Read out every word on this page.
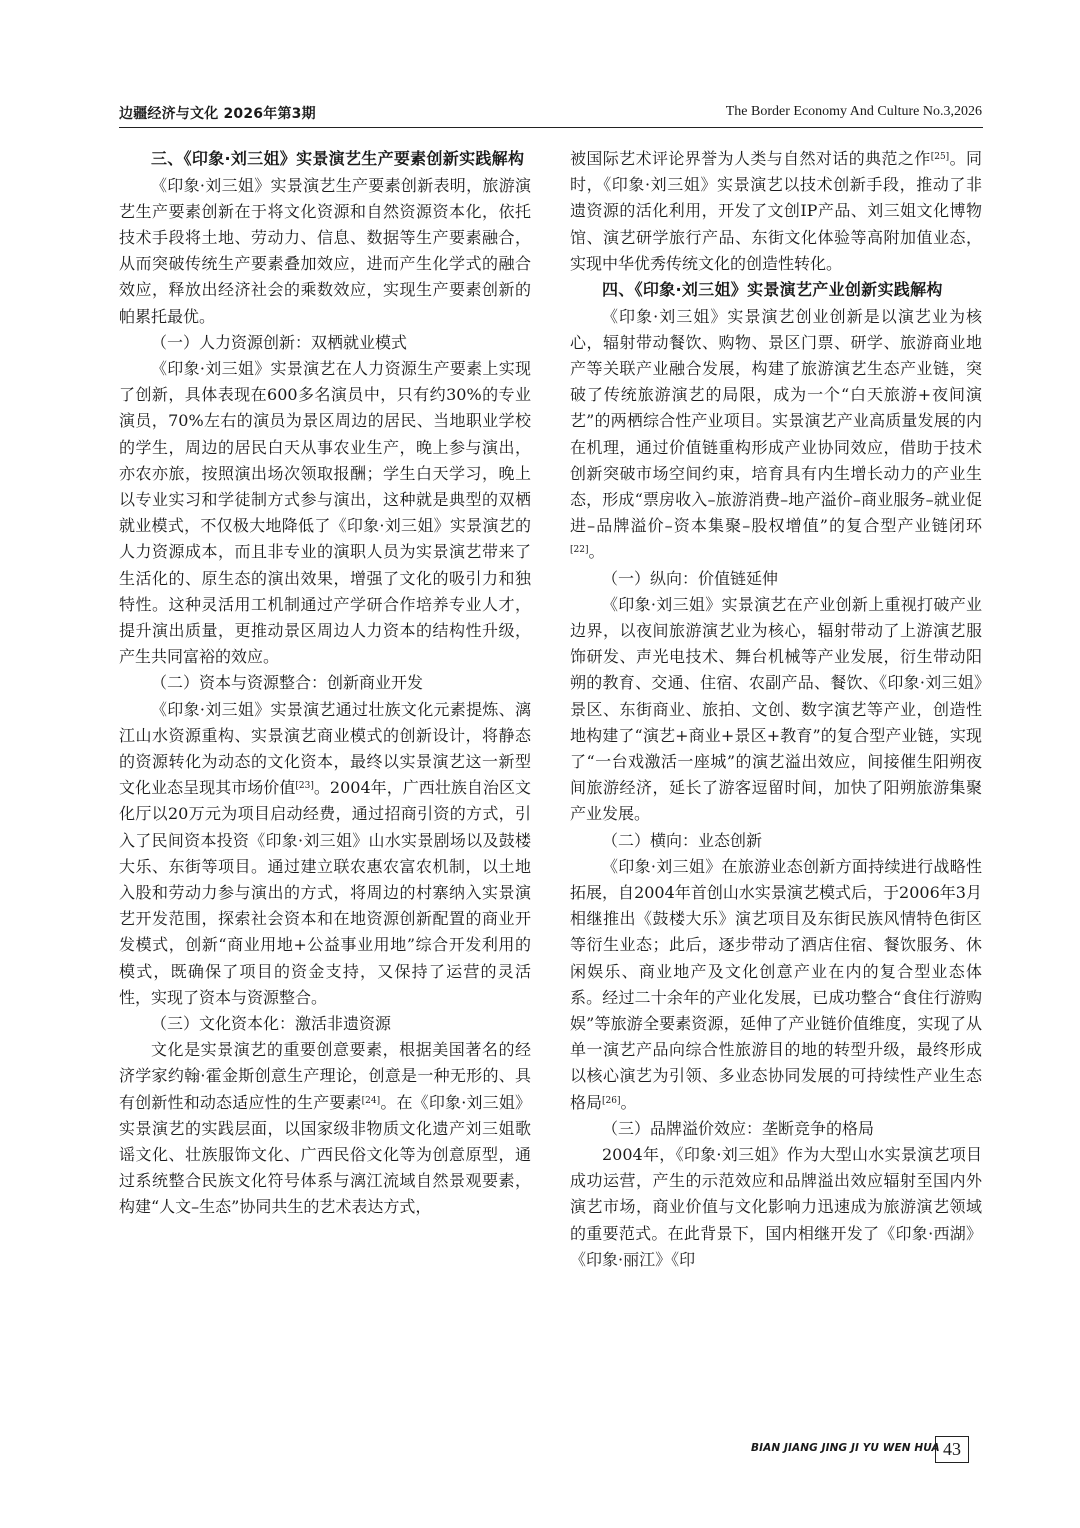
边疆经济与文化 2026年第3期	The Border Economy And Culture No.3,2026

三、《印象·刘三姐》实景演艺生产要素创新实践解构

《印象·刘三姐》实景演艺生产要素创新表明，旅游演艺生产要素创新在于将文化资源和自然资源资本化，依托技术手段将土地、劳动力、信息、数据等生产要素融合，从而突破传统生产要素叠加效应，进而产生化学式的融合效应，释放出经济社会的乘数效应，实现生产要素创新的帕累托最优。

（一）人力资源创新：双栖就业模式

《印象·刘三姐》实景演艺在人力资源生产要素上实现了创新，具体表现在600多名演员中，只有约30%的专业演员，70%左右的演员为景区周边的居民、当地职业学校的学生，周边的居民白天从事农业生产，晚上参与演出，亦农亦旅，按照演出场次领取报酬；学生白天学习，晚上以专业实习和学徒制方式参与演出，这种就是典型的双栖就业模式，不仅极大地降低了《印象·刘三姐》实景演艺的人力资源成本，而且非专业的演职人员为实景演艺带来了生活化的、原生态的演出效果，增强了文化的吸引力和独特性。这种灵活用工机制通过产学研合作培养专业人才，提升演出质量，更推动景区周边人力资本的结构性升级，产生共同富裕的效应。

（二）资本与资源整合：创新商业开发

《印象·刘三姐》实景演艺通过壮族文化元素提炼、漓江山水资源重构、实景演艺商业模式的创新设计，将静态的资源转化为动态的文化资本，最终以实景演艺这一新型文化业态呈现其市场价值[23]。2004年，广西壮族自治区文化厅以20万元为项目启动经费，通过招商引资的方式，引入了民间资本投资《印象·刘三姐》山水实景剧场以及鼓楼大乐、东街等项目。通过建立联农惠农富农机制，以土地入股和劳动力参与演出的方式，将周边的村寨纳入实景演艺开发范围，探索社会资本和在地资源创新配置的商业开发模式，创新“商业用地+公益事业用地”综合开发利用的模式，既确保了项目的资金支持，又保持了运营的灵活性，实现了资本与资源整合。

（三）文化资本化：激活非遗资源

文化是实景演艺的重要创意要素，根据美国著名的经济学家约翰·霍金斯创意生产理论，创意是一种无形的、具有创新性和动态适应性的生产要素[24]。在《印象·刘三姐》实景演艺的实践层面，以国家级非物质文化遗产刘三姐歌谣文化、壮族服饰文化、广西民俗文化等为创意原型，通过系统整合民族文化符号体系与漓江流域自然景观要素，构建“人文–生态”协同共生的艺术表达方式，

被国际艺术评论界誉为人类与自然对话的典范之作[25]。同时，《印象·刘三姐》实景演艺以技术创新手段，推动了非遗资源的活化利用，开发了文创IP产品、刘三姐文化博物馆、演艺研学旅行产品、东街文化体验等高附加值业态，实现中华优秀传统文化的创造性转化。

四、《印象·刘三姐》实景演艺产业创新实践解构

《印象·刘三姐》实景演艺创业创新是以演艺业为核心，辐射带动餐饮、购物、景区门票、研学、旅游商业地产等关联产业融合发展，构建了旅游演艺生态产业链，突破了传统旅游演艺的局限，成为一个“白天旅游+夜间演艺”的两栖综合性产业项目。实景演艺产业高质量发展的内在机理，通过价值链重构形成产业协同效应，借助于技术创新突破市场空间约束，培育具有内生增长动力的产业生态，形成“票房收入–旅游消费–地产溢价–商业服务–就业促进–品牌溢价–资本集聚–股权增值”的复合型产业链闭环[22]。

（一）纵向：价值链延伸

《印象·刘三姐》实景演艺在产业创新上重视打破产业边界，以夜间旅游演艺业为核心，辐射带动了上游演艺服饰研发、声光电技术、舞台机械等产业发展，衍生带动阳朔的教育、交通、住宿、农副产品、餐饮、《印象·刘三姐》景区、东街商业、旅拍、文创、数字演艺等产业，创造性地构建了“演艺+商业+景区+教育”的复合型产业链，实现了“一台戏激活一座城”的演艺溢出效应，间接催生阳朔夜间旅游经济，延长了游客逗留时间，加快了阳朔旅游集聚产业发展。

（二）横向：业态创新

《印象·刘三姐》在旅游业态创新方面持续进行战略性拓展，自2004年首创山水实景演艺模式后，于2006年3月相继推出《鼓楼大乐》演艺项目及东街民族风情特色街区等衍生业态；此后，逐步带动了酒店住宿、餐饮服务、休闲娱乐、商业地产及文化创意产业在内的复合型业态体系。经过二十余年的产业化发展，已成功整合“食住行游购娱”等旅游全要素资源，延伸了产业链价值维度，实现了从单一演艺产品向综合性旅游目的地的转型升级，最终形成以核心演艺为引领、多业态协同发展的可持续性产业生态格局[26]。

（三）品牌溢价效应：垄断竞争的格局

2004年，《印象·刘三姐》作为大型山水实景演艺项目成功运营，产生的示范效应和品牌溢出效应辐射至国内外演艺市场，商业价值与文化影响力迅速成为旅游演艺领域的重要范式。在此背景下，国内相继开发了《印象·西湖》《印象·丽江》《印

BIAN JIANG JING JI YU WEN HUA 43
